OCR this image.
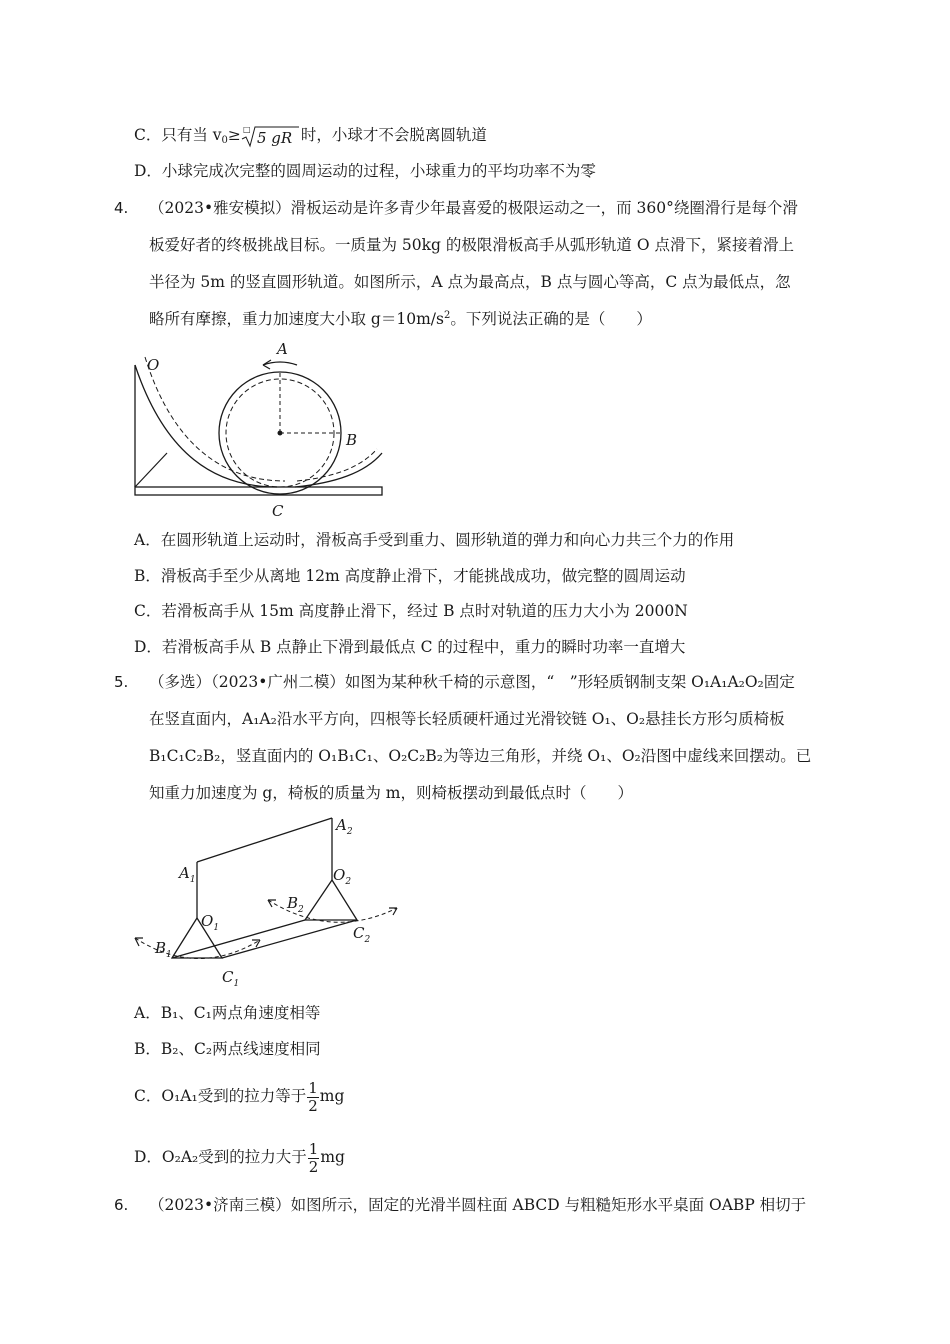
C．只有当 $v_0\ge$ □ 5 gR 时，小球才不会脱离圆轨道
D．小球完成次完整的圆周运动的过程，小球重力的平均功率不为零
4. （2023•雅安模拟）滑板运动是许多青少年最喜爱的极限运动之一，而 360°绕圈滑行是每个滑
板爱好者的终极挑战目标。一质量为 50kg 的极限滑板高手从弧形轨道 O 点滑下，紧接着滑上
半径为 5m 的竖直圆形轨道。如图所示，A 点为最高点，B 点与圆心等高，C 点为最低点，忽
略所有摩擦，重力加速度大小取 $g=10m/s^2$。下列说法正确的是（　　）
O
A
B
C
A．在圆形轨道上运动时，滑板高手受到重力、圆形轨道的弹力和向心力共三个力的作用
B．滑板高手至少从离地 12m 高度静止滑下，才能挑战成功，做完整的圆周运动
C．若滑板高手从 15m 高度静止滑下，经过 B 点时对轨道的压力大小为 2000N
D．若滑板高手从 B 点静止下滑到最低点 C 的过程中，重力的瞬时功率一直增大
5. （多选）（2023•广州二模）如图为某种秋千椅的示意图，“　”形轻质钢制支架 O₁A₁A₂O₂固定
在竖直面内，A₁A₂沿水平方向，四根等长轻质硬杆通过光滑铰链 O₁、O₂悬挂长方形匀质椅板
B₁C₁C₂B₂，竖直面内的 O₁B₁C₁、O₂C₂B₂为等边三角形，并绕 O₁、O₂沿图中虚线来回摆动。已
知重力加速度为 g，椅板的质量为 m，则椅板摆动到最低点时（　　）
$A_1$
$A_2$
$O_1$
$O_2$
$B_1$
$B_2$
$C_1$
$C_2$
A．B₁、C₁两点角速度相等
B．B₂、C₂两点线速度相同
C．O₁A₁受到的拉力等于 $\frac{1}{2}$ mg
D．O₂A₂受到的拉力大于 $\frac{1}{2}$ mg
6. （2023•济南三模）如图所示，固定的光滑半圆柱面 ABCD 与粗糙矩形水平桌面 OABP 相切于
